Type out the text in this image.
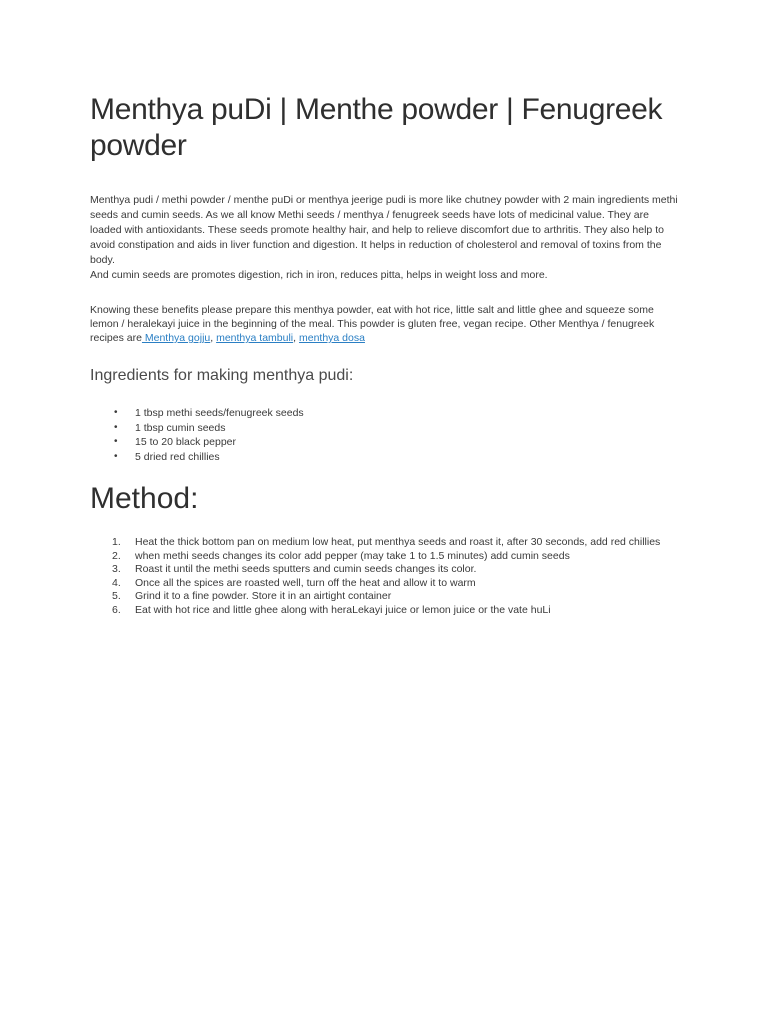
Menthya puDi | Menthe powder | Fenugreek powder

Menthya pudi / methi powder / menthe puDi or menthya jeerige pudi is more like chutney powder with 2 main ingredients methi seeds and cumin seeds. As we all know Methi seeds / menthya / fenugreek seeds have lots of medicinal value. They are loaded with antioxidants. These seeds promote healthy hair, and help to relieve discomfort due to arthritis. They also help to avoid constipation and aids in liver function and digestion. It helps in reduction of cholesterol and removal of toxins from the body.
And cumin seeds are promotes digestion, rich in iron, reduces pitta, helps in weight loss and more.

Knowing these benefits please prepare this menthya powder, eat with hot rice, little salt and little ghee and squeeze some lemon / heralekayi juice in the beginning of the meal. This powder is gluten free, vegan recipe. Other Menthya / fenugreek recipes are Menthya gojju, menthya tambuli, menthya dosa

Ingredients for making menthya pudi:
• 1 tbsp methi seeds/fenugreek seeds
• 1 tbsp cumin seeds
• 15 to 20 black pepper
• 5 dried red chillies
Method:
1. Heat the thick bottom pan on medium low heat, put menthya seeds and roast it, after 30 seconds, add red chillies
2. when methi seeds changes its color add pepper (may take 1 to 1.5 minutes) add cumin seeds
3. Roast it until the methi seeds sputters and cumin seeds changes its color.
4. Once all the spices are roasted well, turn off the heat and allow it to warm
5. Grind it to a fine powder. Store it in an airtight container
6. Eat with hot rice and little ghee along with heraLekayi juice or lemon juice or the vate huLi
